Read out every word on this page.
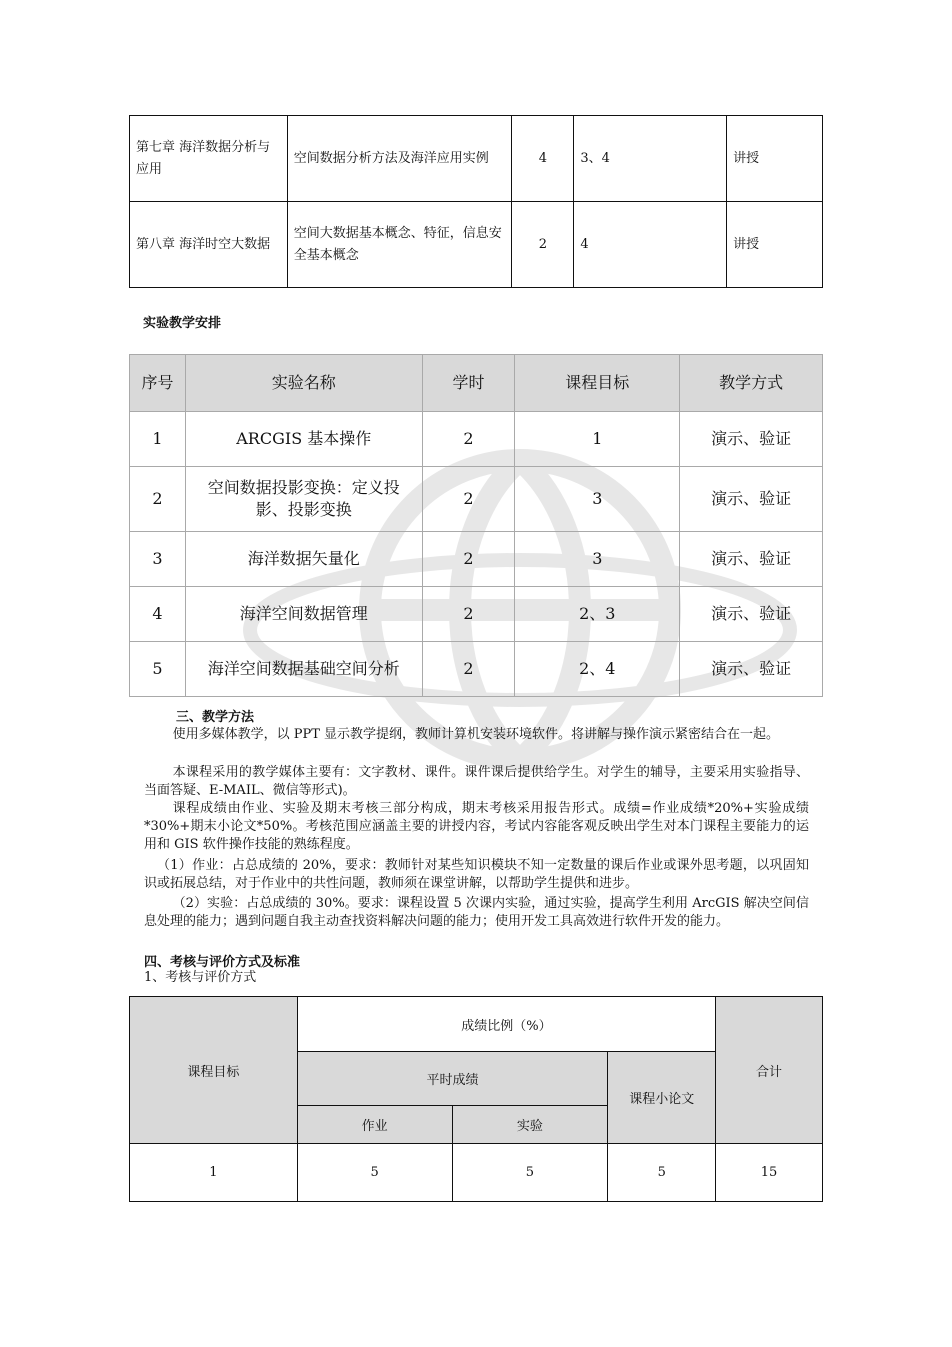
第七章 海洋数据分析与应用	空间数据分析方法及海洋应用实例	4	3、4	讲授
第八章 海洋时空大数据	空间大数据基本概念、特征，信息安全基本概念	2	4	讲授
实验教学安排
序号	实验名称	学时	课程目标	教学方式
1	ARCGIS 基本操作	2	1	演示、验证
2	空间数据投影变换：定义投影、投影变换	2	3	演示、验证
3	海洋数据矢量化	2	3	演示、验证
4	海洋空间数据管理	2	2、3	演示、验证
5	海洋空间数据基础空间分析	2	2、4	演示、验证
三、教学方法
使用多媒体教学，以 PPT 显示教学提纲，教师计算机安装环境软件。将讲解与操作演示紧密结合在一起。
本课程采用的教学媒体主要有：文字教材、课件。课件课后提供给学生。对学生的辅导，主要采用实验指导、当面答疑、E-MAIL、微信等形式)。
课程成绩由作业、实验及期末考核三部分构成，期末考核采用报告形式。成绩=作业成绩*20%+实验成绩*30%+期末小论文*50%。考核范围应涵盖主要的讲授内容，考试内容能客观反映出学生对本门课程主要能力的运用和 GIS 软件操作技能的熟练程度。
（1）作业：占总成绩的 20%，要求：教师针对某些知识模块不知一定数量的课后作业或课外思考题，以巩固知识或拓展总结，对于作业中的共性问题，教师须在课堂讲解，以帮助学生提供和进步。
（2）实验：占总成绩的 30%。要求：课程设置 5 次课内实验，通过实验，提高学生利用 ArcGIS 解决空间信息处理的能力；遇到问题自我主动查找资料解决问题的能力；使用开发工具高效进行软件开发的能力。
四、考核与评价方式及标准
1、考核与评价方式
课程目标	成绩比例（%）			合计
	平时成绩		课程小论文	
	作业	实验		
1	5	5	5	15
